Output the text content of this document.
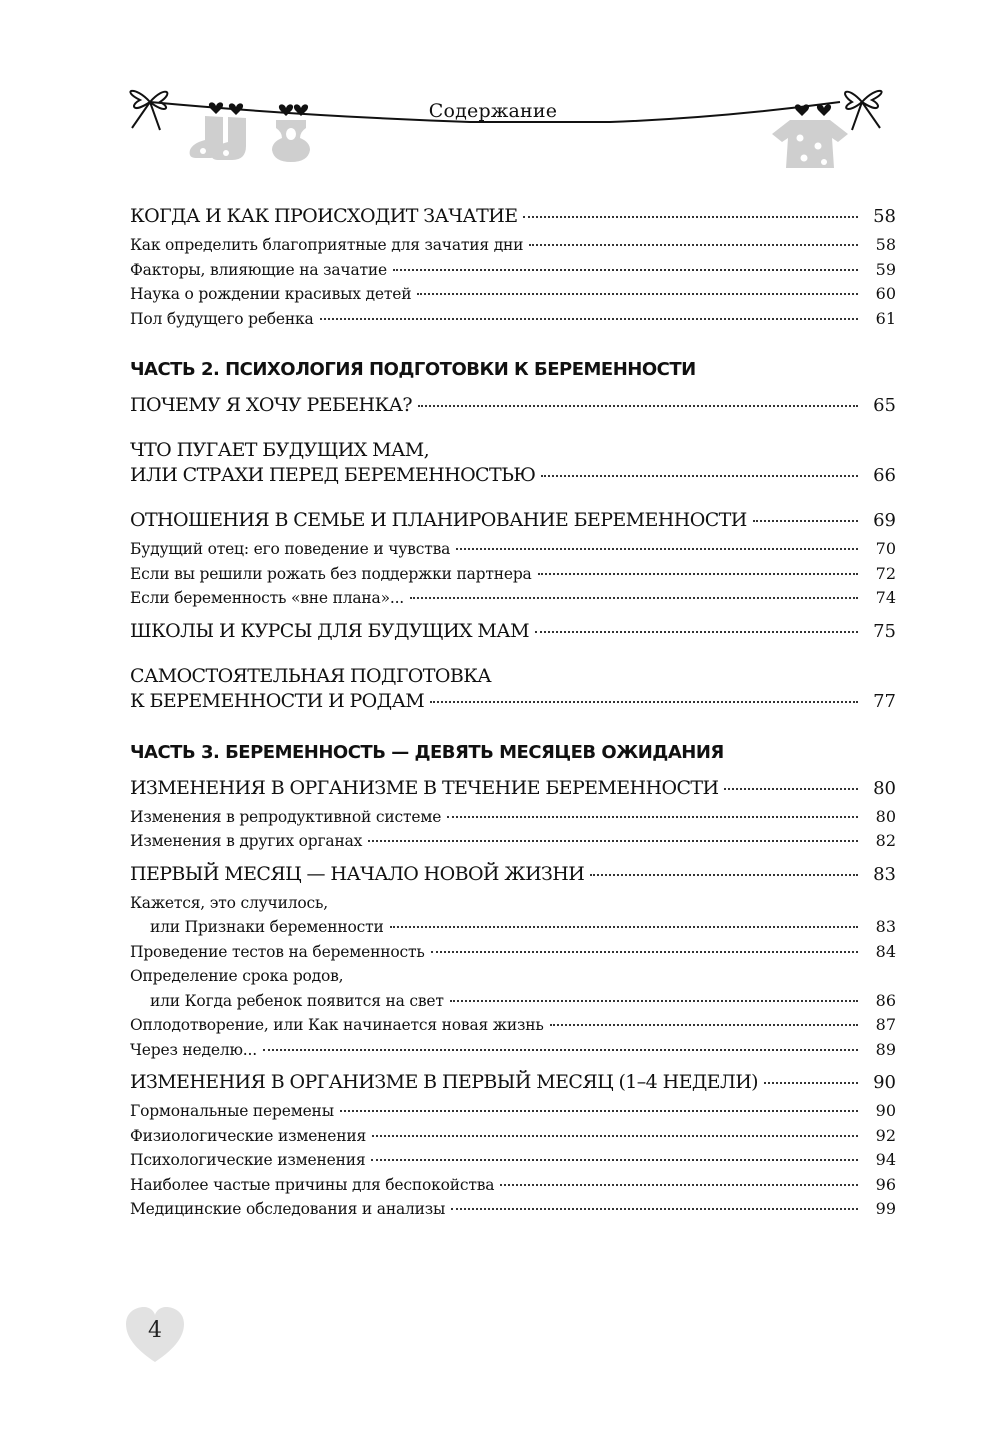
Содержание
КОГДА И КАК ПРОИСХОДИТ ЗАЧАТИЕ	58
Как определить благоприятные для зачатия дни	58
Факторы, влияющие на зачатие	59
Наука о рождении красивых детей	60
Пол будущего ребенка	61
ЧАСТЬ 2. ПСИХОЛОГИЯ ПОДГОТОВКИ К БЕРЕМЕННОСТИ
ПОЧЕМУ Я ХОЧУ РЕБЕНКА?	65
ЧТО ПУГАЕТ БУДУЩИХ МАМ,
ИЛИ СТРАХИ ПЕРЕД БЕРЕМЕННОСТЬЮ	66
ОТНОШЕНИЯ В СЕМЬЕ И ПЛАНИРОВАНИЕ БЕРЕМЕННОСТИ	69
Будущий отец: его поведение и чувства	70
Если вы решили рожать без поддержки партнера	72
Если беременность «вне плана»...	74
ШКОЛЫ И КУРСЫ ДЛЯ БУДУЩИХ МАМ	75
САМОСТОЯТЕЛЬНАЯ ПОДГОТОВКА
К БЕРЕМЕННОСТИ И РОДАМ	77
ЧАСТЬ 3. БЕРЕМЕННОСТЬ — ДЕВЯТЬ МЕСЯЦЕВ ОЖИДАНИЯ
ИЗМЕНЕНИЯ В ОРГАНИЗМЕ В ТЕЧЕНИЕ БЕРЕМЕННОСТИ	80
Изменения в репродуктивной системе	80
Изменения в других органах	82
ПЕРВЫЙ МЕСЯЦ — НАЧАЛО НОВОЙ ЖИЗНИ	83
Кажется, это случилось,
или Признаки беременности	83
Проведение тестов на беременность	84
Определение срока родов,
или Когда ребенок появится на свет	86
Оплодотворение, или Как начинается новая жизнь	87
Через неделю...	89
ИЗМЕНЕНИЯ В ОРГАНИЗМЕ В ПЕРВЫЙ МЕСЯЦ (1–4 НЕДЕЛИ)	90
Гормональные перемены	90
Физиологические изменения	92
Психологические изменения	94
Наиболее частые причины для беспокойства	96
Медицинские обследования и анализы	99
4
